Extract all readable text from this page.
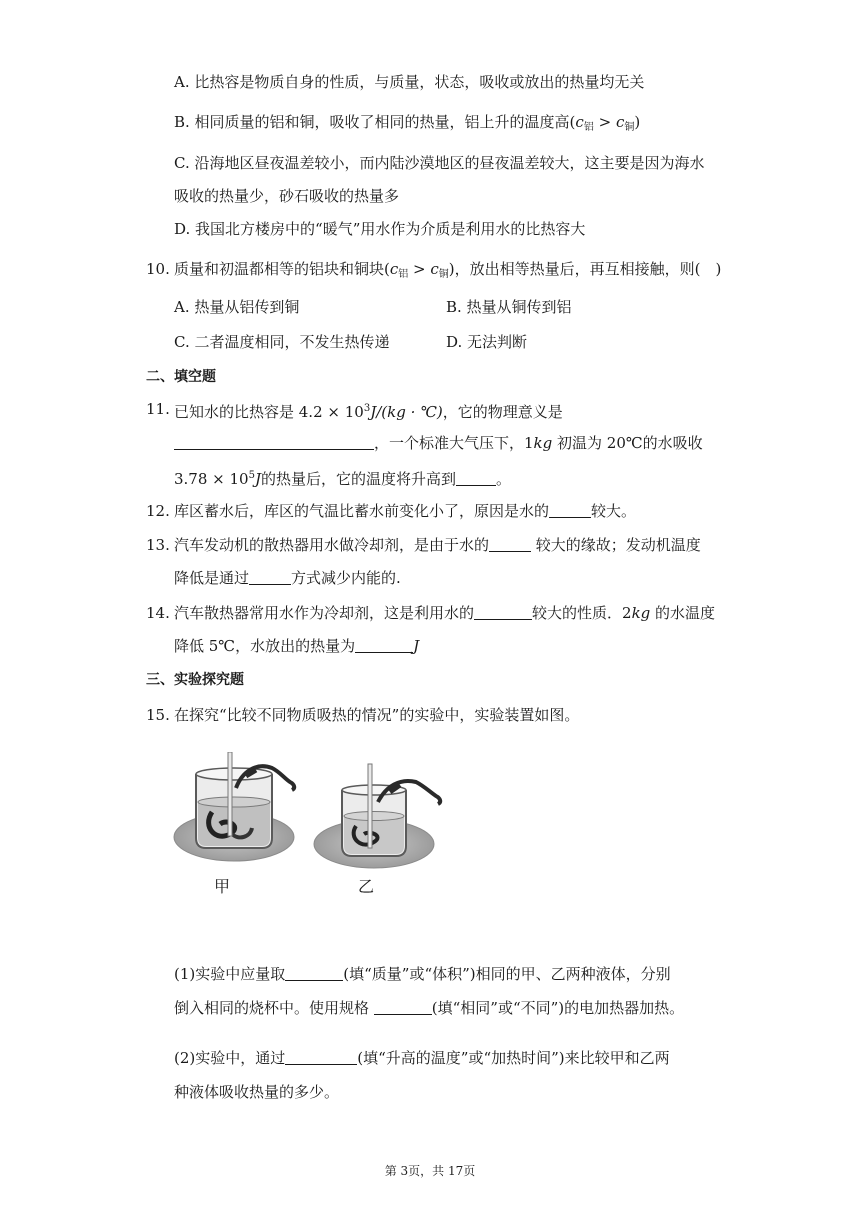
A. 比热容是物质自身的性质，与质量，状态，吸收或放出的热量均无关
B. 相同质量的铝和铜，吸收了相同的热量，铝上升的温度高$(c_铝 > c_铜)$
C. 沿海地区昼夜温差较小，而内陆沙漠地区的昼夜温差较大，这主要是因为海水
吸收的热量少，砂石吸收的热量多
D. 我国北方楼房中的“暖气”用水作为介质是利用水的比热容大
10. 质量和初温都相等的铝块和铜块$(c_铝 > c_铜)$，放出相等热量后，再互相接触，则(　)
A. 热量从铝传到铜	B. 热量从铜传到铝
C. 二者温度相同，不发生热传递	D. 无法判断
二、填空题
11. 已知水的比热容是 $4.2 \times 10^3J/(kg$ · ℃)，它的物理意义是
，一个标准大气压下，1kg 初温为 20℃的水吸收
$3.78 \times 10^5J$的热量后，它的温度将升高到	。
12. 库区蓄水后，库区的气温比蓄水前变化小了，原因是水的	较大。
13. 汽车发动机的散热器用水做冷却剂，是由于水的	较大的缘故；发动机温度
降低是通过	方式减少内能的.
14. 汽车散热器常用水作为冷却剂，这是利用水的	较大的性质．2kg 的水温度
降低 5℃，水放出的热量为	J
三、实验探究题
15. 在探究“比较不同物质吸热的情况”的实验中，实验装置如图。
甲	乙
(1)实验中应量取	(填“质量”或“体积”)相同的甲、乙两种液体，分别
倒入相同的烧杯中。使用规格	(填“相同”或“不同”)的电加热器加热。
(2)实验中，通过	(填“升高的温度”或“加热时间”)来比较甲和乙两
种液体吸收热量的多少。
第 3页，共 17页
